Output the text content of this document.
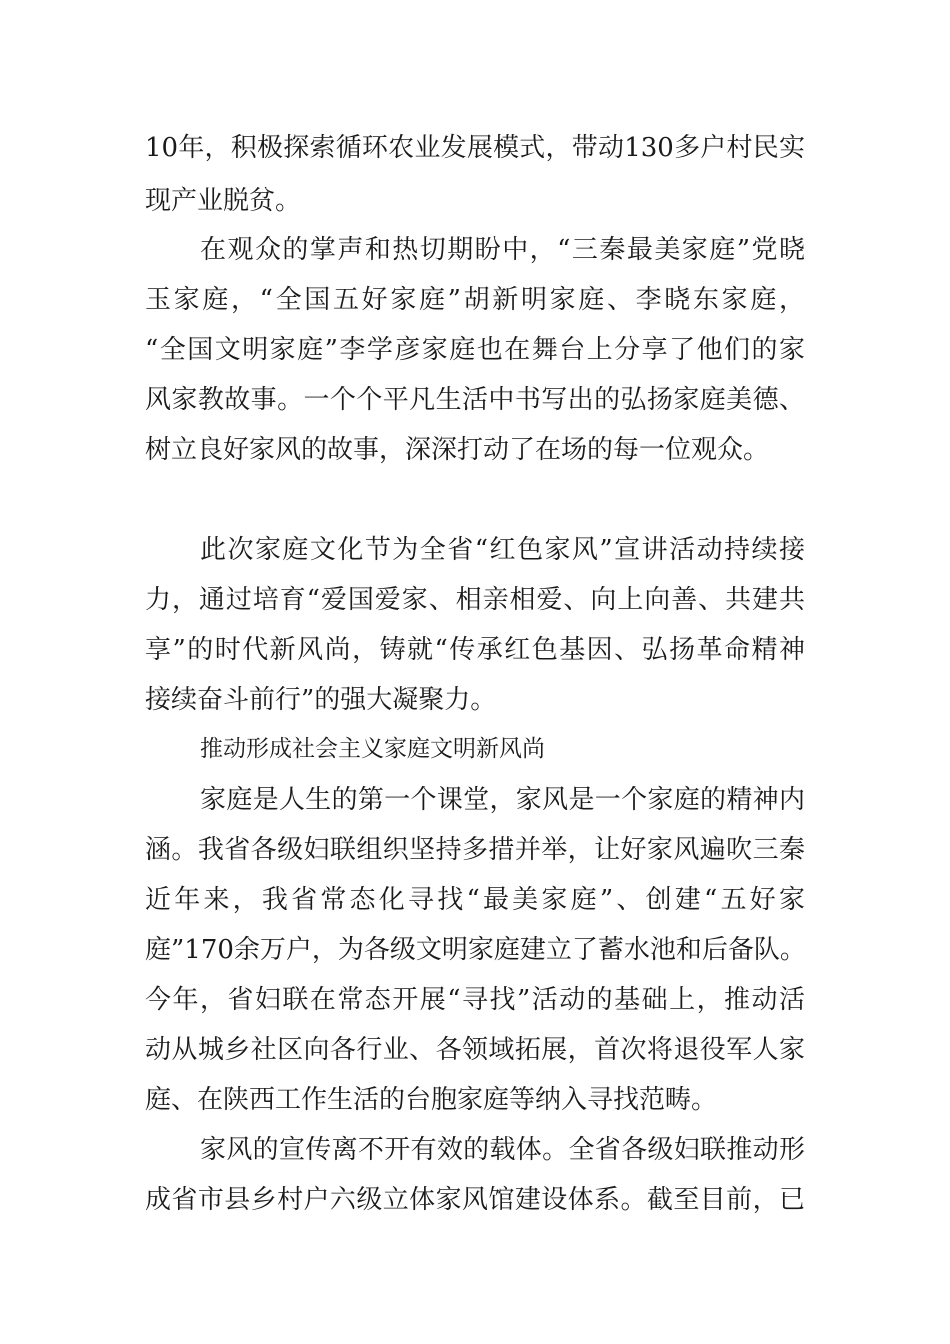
10年，积极探索循环农业发展模式，带动130多户村民实
现产业脱贫。
在观众的掌声和热切期盼中，“三秦最美家庭”党晓
玉家庭，“全国五好家庭”胡新明家庭、李晓东家庭，
“全国文明家庭”李学彦家庭也在舞台上分享了他们的家
风家教故事。一个个平凡生活中书写出的弘扬家庭美德、
树立良好家风的故事，深深打动了在场的每一位观众。
此次家庭文化节为全省“红色家风”宣讲活动持续接
力，通过培育“爱国爱家、相亲相爱、向上向善、共建共
享”的时代新风尚，铸就“传承红色基因、弘扬革命精神
接续奋斗前行”的强大凝聚力。
推动形成社会主义家庭文明新风尚
家庭是人生的第一个课堂，家风是一个家庭的精神内
涵。我省各级妇联组织坚持多措并举，让好家风遍吹三秦
近年来，我省常态化寻找“最美家庭”、创建“五好家
庭”170余万户，为各级文明家庭建立了蓄水池和后备队。
今年，省妇联在常态开展“寻找”活动的基础上，推动活
动从城乡社区向各行业、各领域拓展，首次将退役军人家
庭、在陕西工作生活的台胞家庭等纳入寻找范畴。
家风的宣传离不开有效的载体。全省各级妇联推动形
成省市县乡村户六级立体家风馆建设体系。截至目前，已
